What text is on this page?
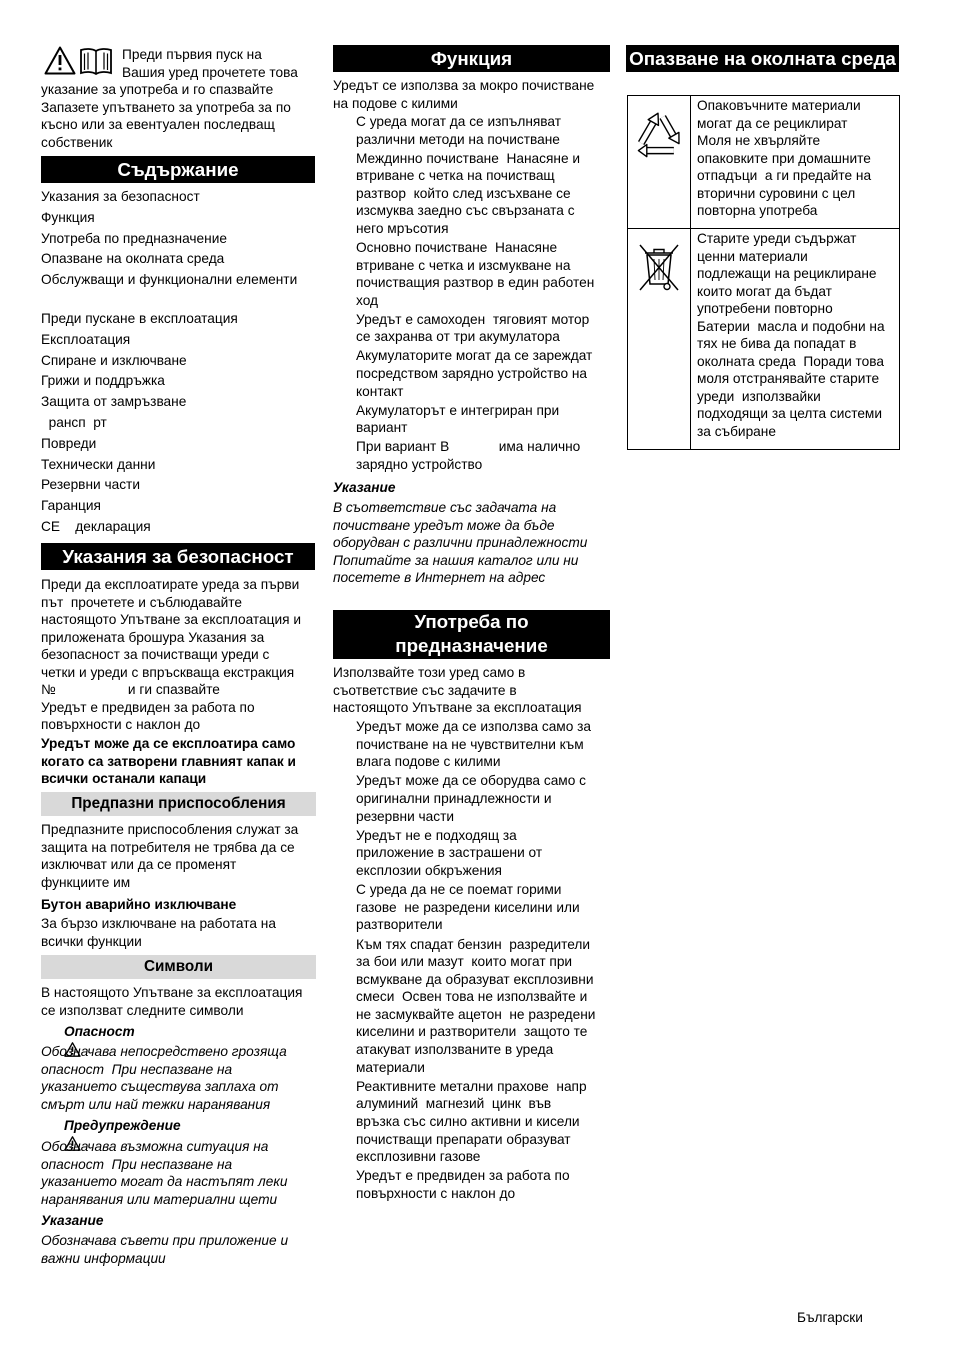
Преди първия пуск на
Вашия уред прочетете това
указание за употреба и го спазвайте
Запазете упътването за употреба за по
късно или за евентуален последващ
собственик
Съдържание
Указания за безопасност
Функция
Употреба по предназначение
Опазване на околната среда
Обслужващи и функционални елементи
Преди пускане в експлоатация
Експлоатация
Спиране и изключване
Грижи и поддръжка
Защита от замръзване
рансп  рт
Повреди
Технически данни
Резервни части
Гаранция
CE    декларация
Указания за безопасност
Преди да експлоатирате уреда за първи
път  прочетете и съблюдавайте
настоящото Упътване за експлоатация и
приложената брошура Указания за
безопасност за почистващи уреди с
четки и уреди с впръскваща екстракция
№                   и ги спазвайте
Уредът е предвиден за работа по
повърхности с наклон до
Уредът може да се експлоатира само
когато са затворени главният капак и
всички останали капаци
Предпазни приспособления
Предпазните приспособления служат за
защита на потребителя не трябва да се
изключват или да се променят
функциите им
Бутон аварийно изключване
За бързо изключване на работата на
всички функции
Символи
В настоящото Упътване за експлоатация
се използват следните символи

Опасност

Обозначава непосредствено грозяща
опасност  При неспазване на
указанието съществува заплаха от
смърт или най тежки наранявания

Предупреждение

Обозначава възможна ситуация на
опасност  При неспазване на
указанието могат да настъпят леки
наранявания или материални щети
Указание
Обозначава съвети при приложение и
важни информации
Функция
Уредът се използва за мокро почистване
на подове с килими
С уреда могат да се изпълняват
различни методи на почистване
Междинно почистване  Нанасяне и
втриване с четка на почистващ
разтвор  който след изсъхване се
изсмуква заедно със свързаната с
него мръсотия
Основно почистване  Нанасяне
втриване с четка и изсмукване на
почистващия разтвор в един работен
ход
Уредът е самоходен  тяговият мотор
се захранва от три акумулатора
Акумулаторите могат да се зареждат
посредством зарядно устройство на
контакт
Акумулаторът е интегриран при
вариант
При вариант В             има налично
зарядно устройство
Указание
В съответствие със задачата на
почистване уредът може да бъде
оборудван с различни принадлежности
Попитайте за нашия каталог или ни
посетете в Интернет на адрес
Употреба по
предназначение
Използвайте този уред само в
съответствие със задачите в
настоящото Упътване за експлоатация
Уредът може да се използва само за
почистване на не чувствителни към
влага подове с килими
Уредът може да се оборудва само с
оригинални принадлежности и
резервни части
Уредът не е подходящ за
приложение в застрашени от
експлозии обкръжения
С уреда да не се поемат горими
газове  не разредени киселини или
разтворители
Към тях спадат бензин  разредители
за бои или мазут  които могат при
всмукване да образуват експлозивни
смеси  Освен това не използвайте и
не засмуквайте ацетон  не разредени
киселини и разтворители  защото те
атакуват използваните в уреда
материали
Реактивните метални прахове  напр
алуминий  магнезий  цинк  във
връзка със силно активни и кисели
почистващи препарати образуват
експлозивни газове
Уредът е предвиден за работа по
повърхности с наклон до
Опазване на околната среда
Опаковъчните материали
могат да се рециклират
Моля не хвърляйте
опаковките при домашните
отпадъци  а ги предайте на
вторични суровини с цел
повторна употреба
Старите уреди съдържат
ценни материали
подлежащи на рециклиране
които могат да бъдат
употребени повторно
Батерии  масла и подобни на
тях не бива да попадат в
околната среда  Поради това
моля отстранявайте старите
уреди  използвайки
подходящи за целта системи
за събиране
Български
